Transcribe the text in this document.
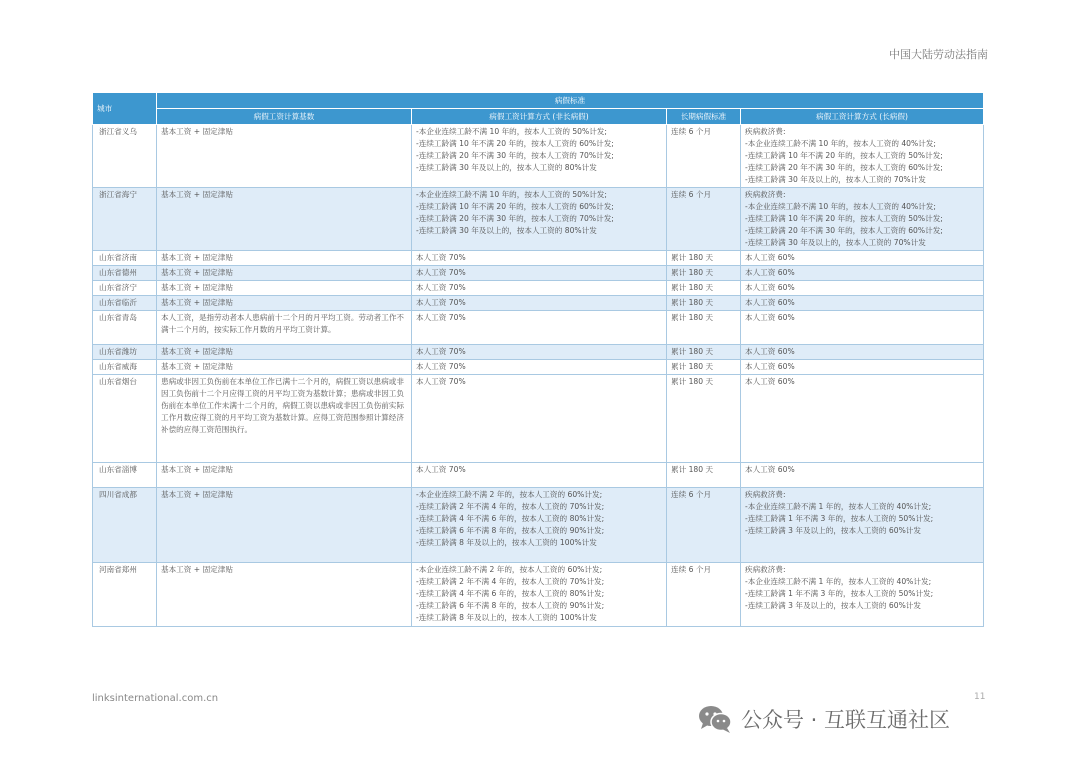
中国大陆劳动法指南
城市	病假标准			
	病假工资计算基数	病假工资计算方式 (非长病假)	长期病假标准	病假工资计算方式 (长病假)
浙江省义乌	基本工资 + 固定津贴	-本企业连续工龄不满 10 年的，按本人工资的 50%计发;
-连续工龄满 10 年不满 20 年的，按本人工资的 60%计发;
-连续工龄满 20 年不满 30 年的，按本人工资的 70%计发;
-连续工龄满 30 年及以上的，按本人工资的 80%计发	连续 6 个月	疾病救济费:
-本企业连续工龄不满 10 年的，按本人工资的 40%计发;
-连续工龄满 10 年不满 20 年的，按本人工资的 50%计发;
-连续工龄满 20 年不满 30 年的，按本人工资的 60%计发;
-连续工龄满 30 年及以上的，按本人工资的 70%计发

浙江省海宁	基本工资 + 固定津贴	-本企业连续工龄不满 10 年的，按本人工资的 50%计发;
-连续工龄满 10 年不满 20 年的，按本人工资的 60%计发;
-连续工龄满 20 年不满 30 年的，按本人工资的 70%计发;
-连续工龄满 30 年及以上的，按本人工资的 80%计发	连续 6 个月	疾病救济费:
-本企业连续工龄不满 10 年的，按本人工资的 40%计发;
-连续工龄满 10 年不满 20 年的，按本人工资的 50%计发;
-连续工龄满 20 年不满 30 年的，按本人工资的 60%计发;
-连续工龄满 30 年及以上的，按本人工资的 70%计发

山东省济南	基本工资 + 固定津贴	本人工资 70%	累计 180 天	本人工资 60%

山东省德州	基本工资 + 固定津贴	本人工资 70%	累计 180 天	本人工资 60%

山东省济宁	基本工资 + 固定津贴	本人工资 70%	累计 180 天	本人工资 60%

山东省临沂	基本工资 + 固定津贴	本人工资 70%	累计 180 天	本人工资 60%

山东省青岛	本人工资，是指劳动者本人患病前十二个月的月平均工资。劳动者工作不满十二个月的，按实际工作月数的月平均工资计算。	本人工资 70%	累计 180 天	本人工资 60%

山东省潍坊	基本工资 + 固定津贴	本人工资 70%	累计 180 天	本人工资 60%

山东省威海	基本工资 + 固定津贴	本人工资 70%	累计 180 天	本人工资 60%

山东省烟台	患病或非因工负伤前在本单位工作已满十二个月的，病假工资以患病或非因工负伤前十二个月应得工资的月平均工资为基数计算；患病或非因工负伤前在本单位工作未满十二个月的，病假工资以患病或非因工负伤前实际工作月数应得工资的月平均工资为基数计算。应得工资范围参照计算经济补偿的应得工资范围执行。	本人工资 70%	累计 180 天	本人工资 60%

山东省淄博	基本工资 + 固定津贴	本人工资 70%	累计 180 天	本人工资 60%

四川省成都	基本工资 + 固定津贴	-本企业连续工龄不满 2 年的，按本人工资的 60%计发;
-连续工龄满 2 年不满 4 年的，按本人工资的 70%计发;
-连续工龄满 4 年不满 6 年的，按本人工资的 80%计发;
-连续工龄满 6 年不满 8 年的，按本人工资的 90%计发;
-连续工龄满 8 年及以上的，按本人工资的 100%计发	连续 6 个月	疾病救济费:
-本企业连续工龄不满 1 年的，按本人工资的 40%计发;
-连续工龄满 1 年不满 3 年的，按本人工资的 50%计发;
-连续工龄满 3 年及以上的，按本人工资的 60%计发

河南省郑州	基本工资 + 固定津贴	-本企业连续工龄不满 2 年的，按本人工资的 60%计发;
-连续工龄满 2 年不满 4 年的，按本人工资的 70%计发;
-连续工龄满 4 年不满 6 年的，按本人工资的 80%计发;
-连续工龄满 6 年不满 8 年的，按本人工资的 90%计发;
-连续工龄满 8 年及以上的，按本人工资的 100%计发	连续 6 个月	疾病救济费:
-本企业连续工龄不满 1 年的，按本人工资的 40%计发;
-连续工龄满 1 年不满 3 年的，按本人工资的 50%计发;
-连续工龄满 3 年及以上的，按本人工资的 60%计发
linksinternational.com.cn	11
公众号 · 互联互通社区
